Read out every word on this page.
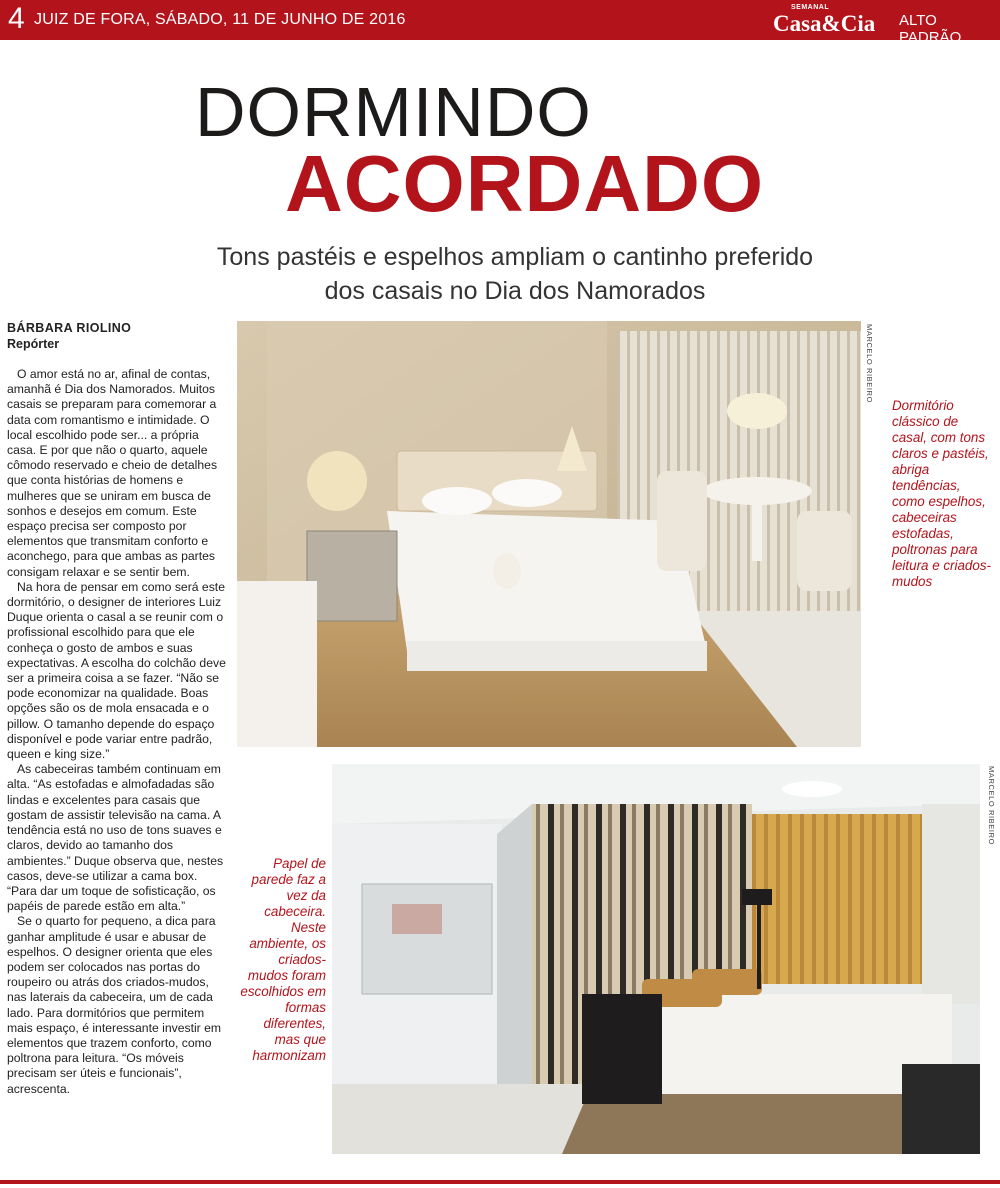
4 JUIZ DE FORA, SÁBADO, 11 DE JUNHO DE 2016
SEMANAL
Casa&Cia ALTO PADRÃO
DORMINDO
ACORDADO
Tons pastéis e espelhos ampliam o cantinho preferido
dos casais no Dia dos Namorados
BÁRBARA RIOLINO
Repórter

O amor está no ar, afinal de contas, amanhã é Dia dos Namorados. Muitos casais se preparam para comemorar a data com romantismo e intimidade. O local escolhido pode ser... a própria casa. E por que não o quarto, aquele cômodo reservado e cheio de detalhes que conta histórias de homens e mulheres que se uniram em busca de sonhos e desejos em comum. Este espaço precisa ser composto por elementos que transmitam conforto e aconchego, para que ambas as partes consigam relaxar e se sentir bem.

Na hora de pensar em como será este dormitório, o designer de interiores Luiz Duque orienta o casal a se reunir com o profissional escolhido para que ele conheça o gosto de ambos e suas expectativas. A escolha do colchão deve ser a primeira coisa a se fazer. “Não se pode economizar na qualidade. Boas opções são os de mola ensacada e o pillow. O tamanho depende do espaço disponível e pode variar entre padrão, queen e king size.”

As cabeceiras também continuam em alta. “As estofadas e almofadadas são lindas e excelentes para casais que gostam de assistir televisão na cama. A tendência está no uso de tons suaves e claros, devido ao tamanho dos ambientes.” Duque observa que, nestes casos, deve-se utilizar a cama box. “Para dar um toque de sofisticação, os papéis de parede estão em alta.”

Se o quarto for pequeno, a dica para ganhar amplitude é usar e abusar de espelhos. O designer orienta que eles podem ser colocados nas portas do roupeiro ou atrás dos criados-mudos, nas laterais da cabeceira, um de cada lado. Para dormitórios que permitem mais espaço, é interessante investir em elementos que trazem conforto, como poltrona para leitura. “Os móveis precisam ser úteis e funcionais”, acrescenta.

MARCELO RIBEIRO
Dormitório clássico de casal, com tons claros e pastéis, abriga tendências, como espelhos, cabeceiras estofadas, poltronas para leitura e criados-mudos
MARCELO RIBEIRO
Papel de parede faz a vez da cabeceira. Neste ambiente, os criados-mudos foram escolhidos em formas diferentes, mas que harmonizam
